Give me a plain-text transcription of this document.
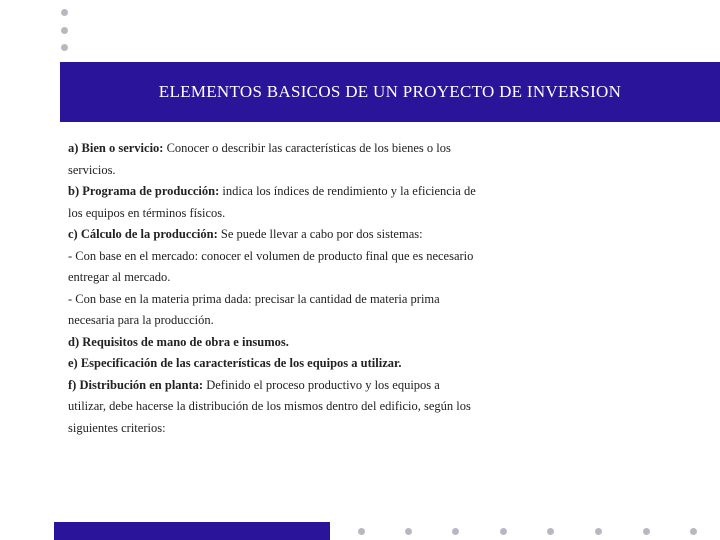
ELEMENTOS BASICOS DE UN PROYECTO DE INVERSION

a) Bien o servicio: Conocer o describir las características de los bienes o los servicios.

b) Programa de producción: indica los índices de rendimiento y la eficiencia de los equipos en términos físicos.

c) Cálculo de la producción: Se puede llevar a cabo por dos sistemas:

- Con base en el mercado: conocer el volumen de producto final que es necesario entregar al mercado.

- Con base en la materia prima dada: precisar la cantidad de materia prima necesaria para la producción.

d) Requisitos de mano de obra e insumos.

e) Especificación de las características de los equipos a utilizar.

f) Distribución en planta: Definido el proceso productivo y los equipos a utilizar, debe hacerse la distribución de los mismos dentro del edificio, según los siguientes criterios:
